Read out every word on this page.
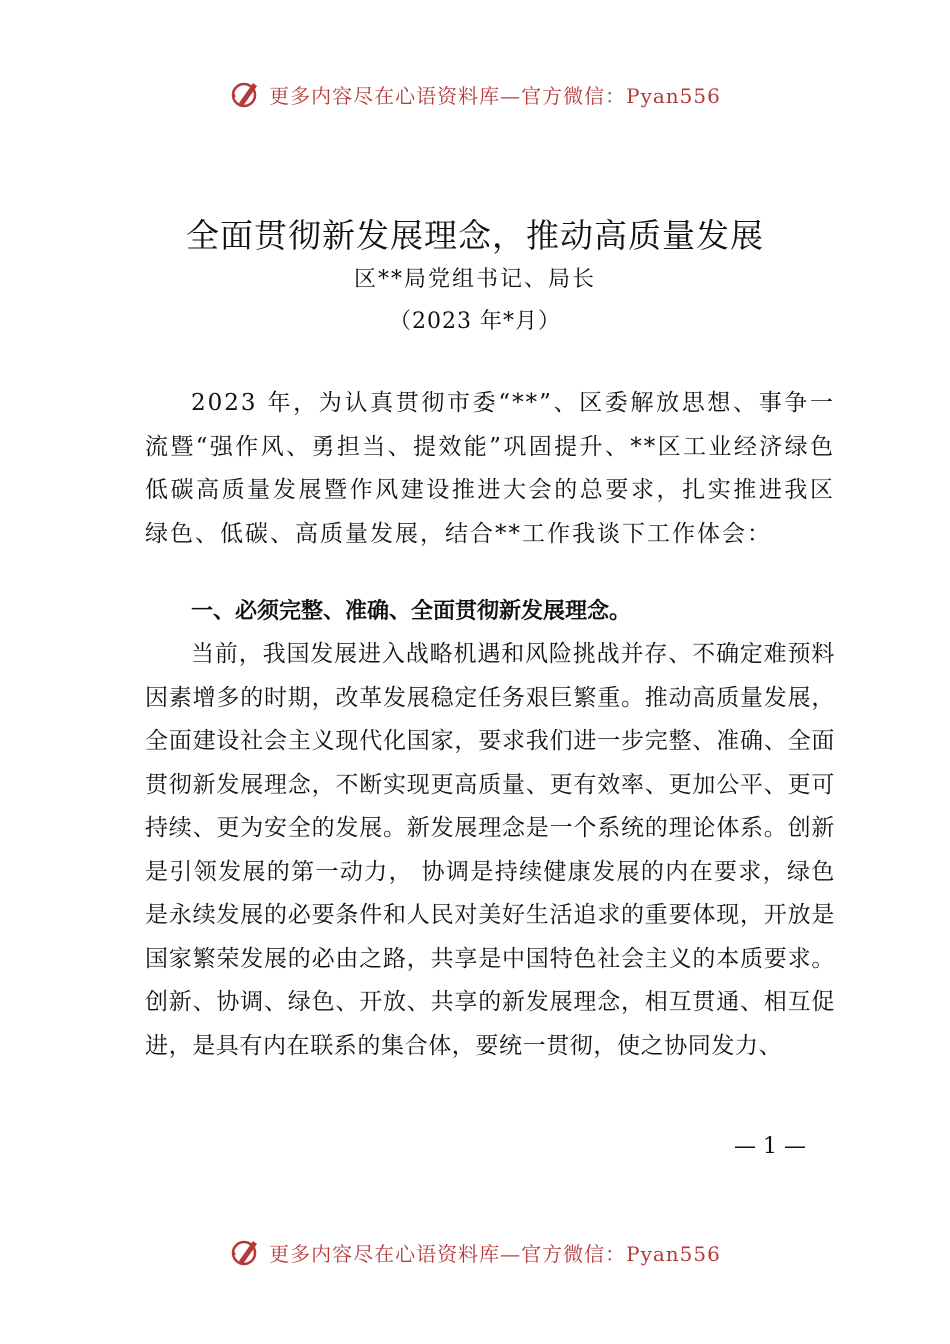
更多内容尽在心语资料库—官方微信：Pyan556
全面贯彻新发展理念，推动高质量发展
区**局党组书记、局长
（2023 年*月）

2023 年，为认真贯彻市委“**”、区委解放思想、事争一流暨“强作风、勇担当、提效能”巩固提升、**区工业经济绿色低碳高质量发展暨作风建设推进大会的总要求，扎实推进我区绿色、低碳、高质量发展，结合**工作我谈下工作体会：

一、必须完整、准确、全面贯彻新发展理念。

当前，我国发展进入战略机遇和风险挑战并存、不确定难预料因素增多的时期，改革发展稳定任务艰巨繁重。推动高质量发展，全面建设社会主义现代化国家，要求我们进一步完整、准确、全面贯彻新发展理念，不断实现更高质量、更有效率、更加公平、更可持续、更为安全的发展。新发展理念是一个系统的理论体系。创新是引领发展的第一动力， 协调是持续健康发展的内在要求，绿色是永续发展的必要条件和人民对美好生活追求的重要体现，开放是国家繁荣发展的必由之路，共享是中国特色社会主义的本质要求。创新、协调、绿色、开放、共享的新发展理念，相互贯通、相互促进，是具有内在联系的集合体，要统一贯彻，使之协同发力、

— 1 —
更多内容尽在心语资料库—官方微信：Pyan556
